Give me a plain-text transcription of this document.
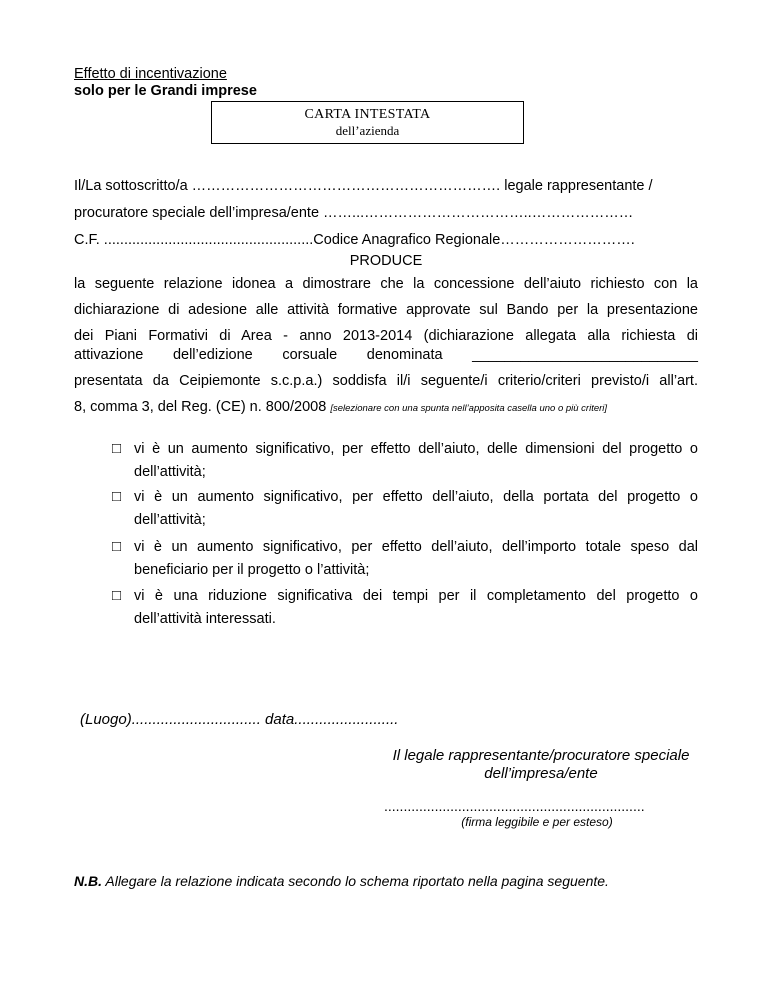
Effetto di incentivazione
solo per le Grandi imprese
CARTA INTESTATA
dell’azienda
Il/La sottoscritto/a ………………………………………………………. legale rappresentante /
procuratore speciale dell’impresa/ente ……...……………………………..…………………
C.F. ....................................................Codice Anagrafico Regionale……………………….
PRODUCE
la seguente relazione idonea a dimostrare che la concessione dell’aiuto richiesto con la
dichiarazione di adesione alle attività formative approvate sul Bando per la presentazione
dei Piani Formativi di Area - anno 2013-2014 (dichiarazione allegata alla richiesta di
attivazione dell’edizione corsuale denominata ____________________________
presentata da Ceipiemonte s.c.p.a.) soddisfa il/i seguente/i criterio/criteri previsto/i all’art.
8, comma 3, del Reg. (CE) n. 800/2008 [selezionare con una spunta nell’apposita casella uno o più criteri]
□ vi è un aumento significativo, per effetto dell’aiuto, delle dimensioni del progetto o
dell’attività;
□ vi è un aumento significativo, per effetto dell’aiuto, della portata del progetto o
dell’attività;
□ vi è un aumento significativo, per effetto dell’aiuto, dell’importo totale speso dal
beneficiario per il progetto o l’attività;
□ vi è una riduzione significativa dei tempi per il completamento del progetto o
dell’attività interessati.
(Luogo)............................... data.........................
Il legale rappresentante/procuratore speciale
dell’impresa/ente
...................................................................
(firma leggibile e per esteso)
N.B. Allegare la relazione indicata secondo lo schema riportato nella pagina seguente.
